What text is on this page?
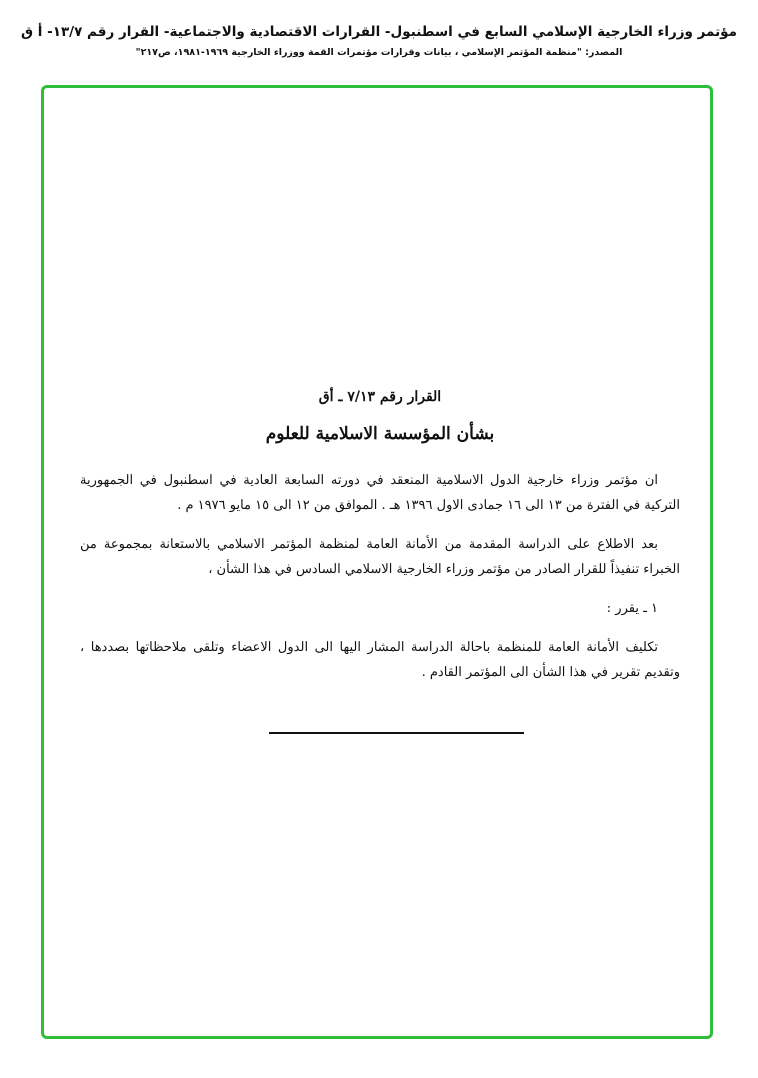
مؤتمر وزراء الخارجية الإسلامي السابع في اسطنبول- القرارات الاقتصادية والاجتماعية- القرار رقم ١٣/٧- أ ق
المصدر: "منظمة المؤتمر الإسلامي ، بيانات وقرارات مؤتمرات القمة ووزراء الخارجية ١٩٦٩-١٩٨١، ص٢١٧"
القرار رقم ٧/١٣ ـ أق
بشأن المؤسسة الاسلامية للعلوم
ان مؤتمر وزراء خارجية الدول الاسلامية المنعقد في دورته السابعة العادية في اسطنبول في الجمهورية التركية في الفترة من ١٣ الى ١٦ جمادى الاول ١٣٩٦ هـ . الموافق من ١٢ الى ١٥ مايو ١٩٧٦ م .
بعد الاطلاع على الدراسة المقدمة من الأمانة العامة لمنظمة المؤتمر الاسلامي بالاستعانة بمجموعة من الخبراء تنفيذاً للقرار الصادر من مؤتمر وزراء الخارجية الاسلامي السادس في هذا الشأن ،
١ ـ يقرر :
تكليف الأمانة العامة للمنظمة باحالة الدراسة المشار اليها الى الدول الاعضاء وتلقى ملاحظاتها بصددها ، وتقديم تقرير في هذا الشأن الى المؤتمر القادم .
